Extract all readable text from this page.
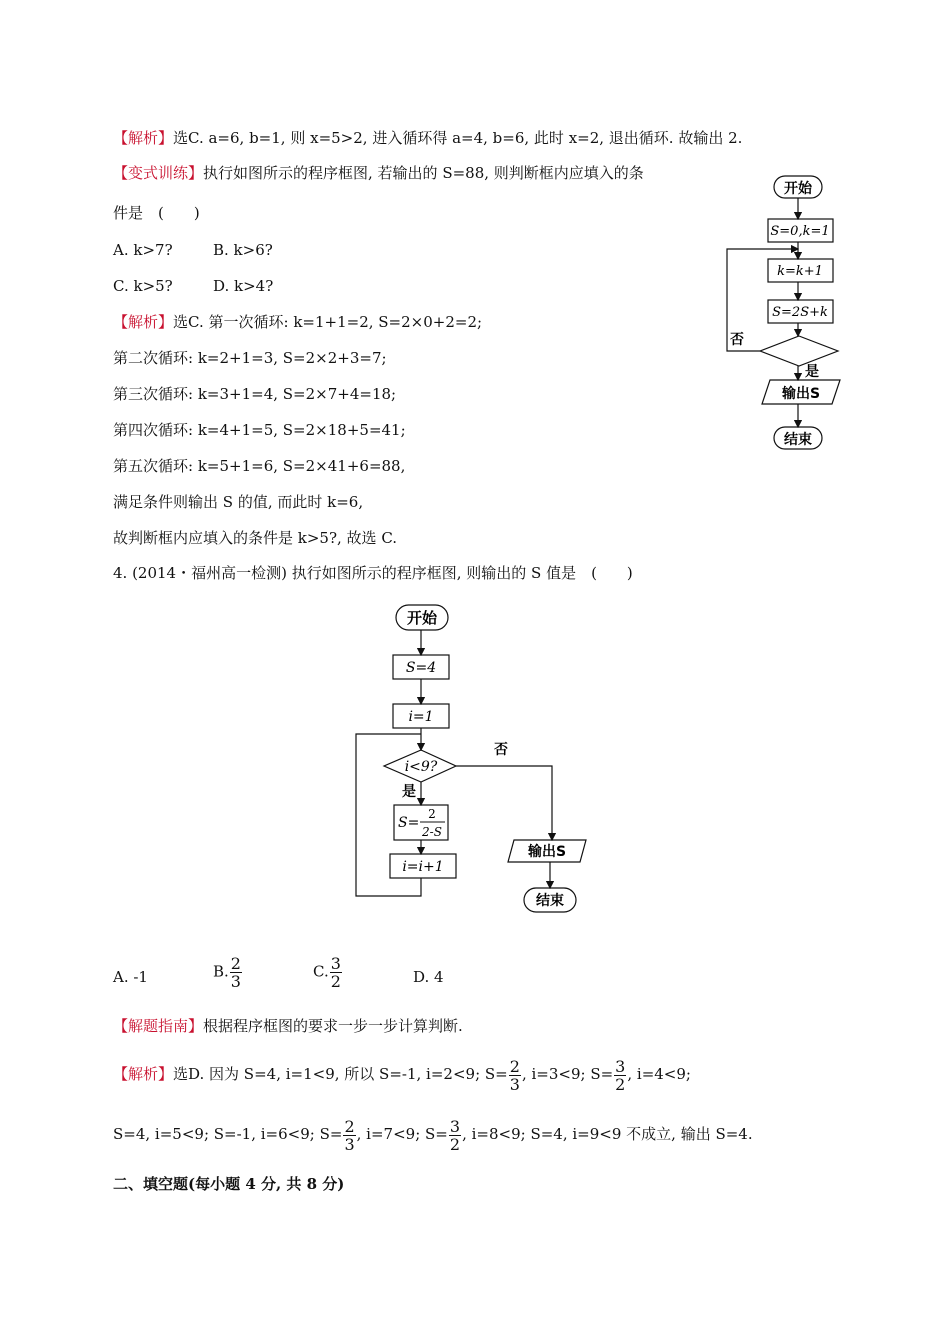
【解析】选C. a=6, b=1, 则 x=5>2, 进入循环得 a=4, b=6, 此时 x=2, 退出循环. 故输出 2.
【变式训练】执行如图所示的程序框图, 若输出的 S=88, 则判断框内应填入的条
件是　(　　)
A. k>7?	B. k>6?
C. k>5?	D. k>4?
【解析】选C. 第一次循环: k=1+1=2, S=2×0+2=2;
第二次循环: k=2+1=3, S=2×2+3=7;
第三次循环: k=3+1=4, S=2×7+4=18;
第四次循环: k=4+1=5, S=2×18+5=41;
第五次循环: k=5+1=6, S=2×41+6=88,
满足条件则输出 S 的值, 而此时 k=6,
故判断框内应填入的条件是 k>5?, 故选 C.
开始
S=0,k=1
k=k+1
S=2S+k
否
是
输出S
结束
4. (2014・福州高一检测) 执行如图所示的程序框图, 则输出的 S 值是　(　　)
开始
S=4
i=1
i<9?
否
是
S=
2
2-S
i=i+1
输出S
结束
A. -1	B. $\frac{2}{3}$	C. $\frac{3}{2}$	D. 4
【解题指南】根据程序框图的要求一步一步计算判断.
【解析】选D. 因为 S=4, i=1<9, 所以 S=-1, i=2<9; $S= \frac{2}{3}$ , i=3<9; $S= \frac{3}{2}$ , i=4<9;
S=4, i=5<9; S=-1, i=6<9; $S= \frac{2}{3}$ , i=7<9; $S= \frac{3}{2}$ , i=8<9; S=4, i=9<9 不成立, 输出 S=4.
二、填空题(每小题 4 分, 共 8 分)
